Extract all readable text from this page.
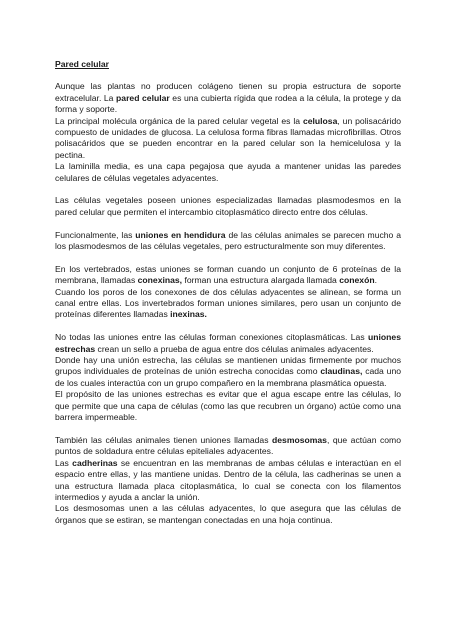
Pared celular
Aunque las plantas no producen colágeno tienen su propia estructura de soporte extracelular. La pared celular es una cubierta rígida que rodea a la célula, la protege y da forma y soporte.
La principal molécula orgánica de la pared celular vegetal es la celulosa, un polisacárido compuesto de unidades de glucosa. La celulosa forma fibras llamadas microfibrillas. Otros polisacáridos que se pueden encontrar en la pared celular son la hemicelulosa y la pectina.
La laminilla media, es una capa pegajosa que ayuda a mantener unidas las paredes celulares de células vegetales adyacentes.
Las células vegetales poseen uniones especializadas llamadas plasmodesmos en la pared celular que permiten el intercambio citoplasmático directo entre dos células.
Funcionalmente, las uniones en hendidura de las células animales se parecen mucho a los plasmodesmos de las células vegetales, pero estructuralmente son muy diferentes.
En los vertebrados, estas uniones se forman cuando un conjunto de 6 proteínas de la membrana, llamadas conexinas, forman una estructura alargada llamada conexón.
Cuando los poros de los conexones de dos células adyacentes se alinean, se forma un canal entre ellas. Los invertebrados forman uniones similares, pero usan un conjunto de proteínas diferentes llamadas inexinas.
No todas las uniones entre las células forman conexiones citoplasmáticas. Las uniones estrechas crean un sello a prueba de agua entre dos células animales adyacentes.
Donde hay una unión estrecha, las células se mantienen unidas firmemente por muchos grupos individuales de proteínas de unión estrecha conocidas como claudinas, cada uno de los cuales interactúa con un grupo compañero en la membrana plasmática opuesta.
El propósito de las uniones estrechas es evitar que el agua escape entre las células, lo que permite que una capa de células (como las que recubren un órgano) actúe como una barrera impermeable.
También las células animales tienen uniones llamadas desmosomas, que actúan como puntos de soldadura entre células epiteliales adyacentes.
Las cadherinas se encuentran en las membranas de ambas células e interactúan en el espacio entre ellas, y las mantiene unidas. Dentro de la célula, las cadherinas se unen a una estructura llamada placa citoplasmática, lo cual se conecta con los filamentos intermedios y ayuda a anclar la unión.
Los desmosomas unen a las células adyacentes, lo que asegura que las células de órganos que se estiran, se mantengan conectadas en una hoja continua.
